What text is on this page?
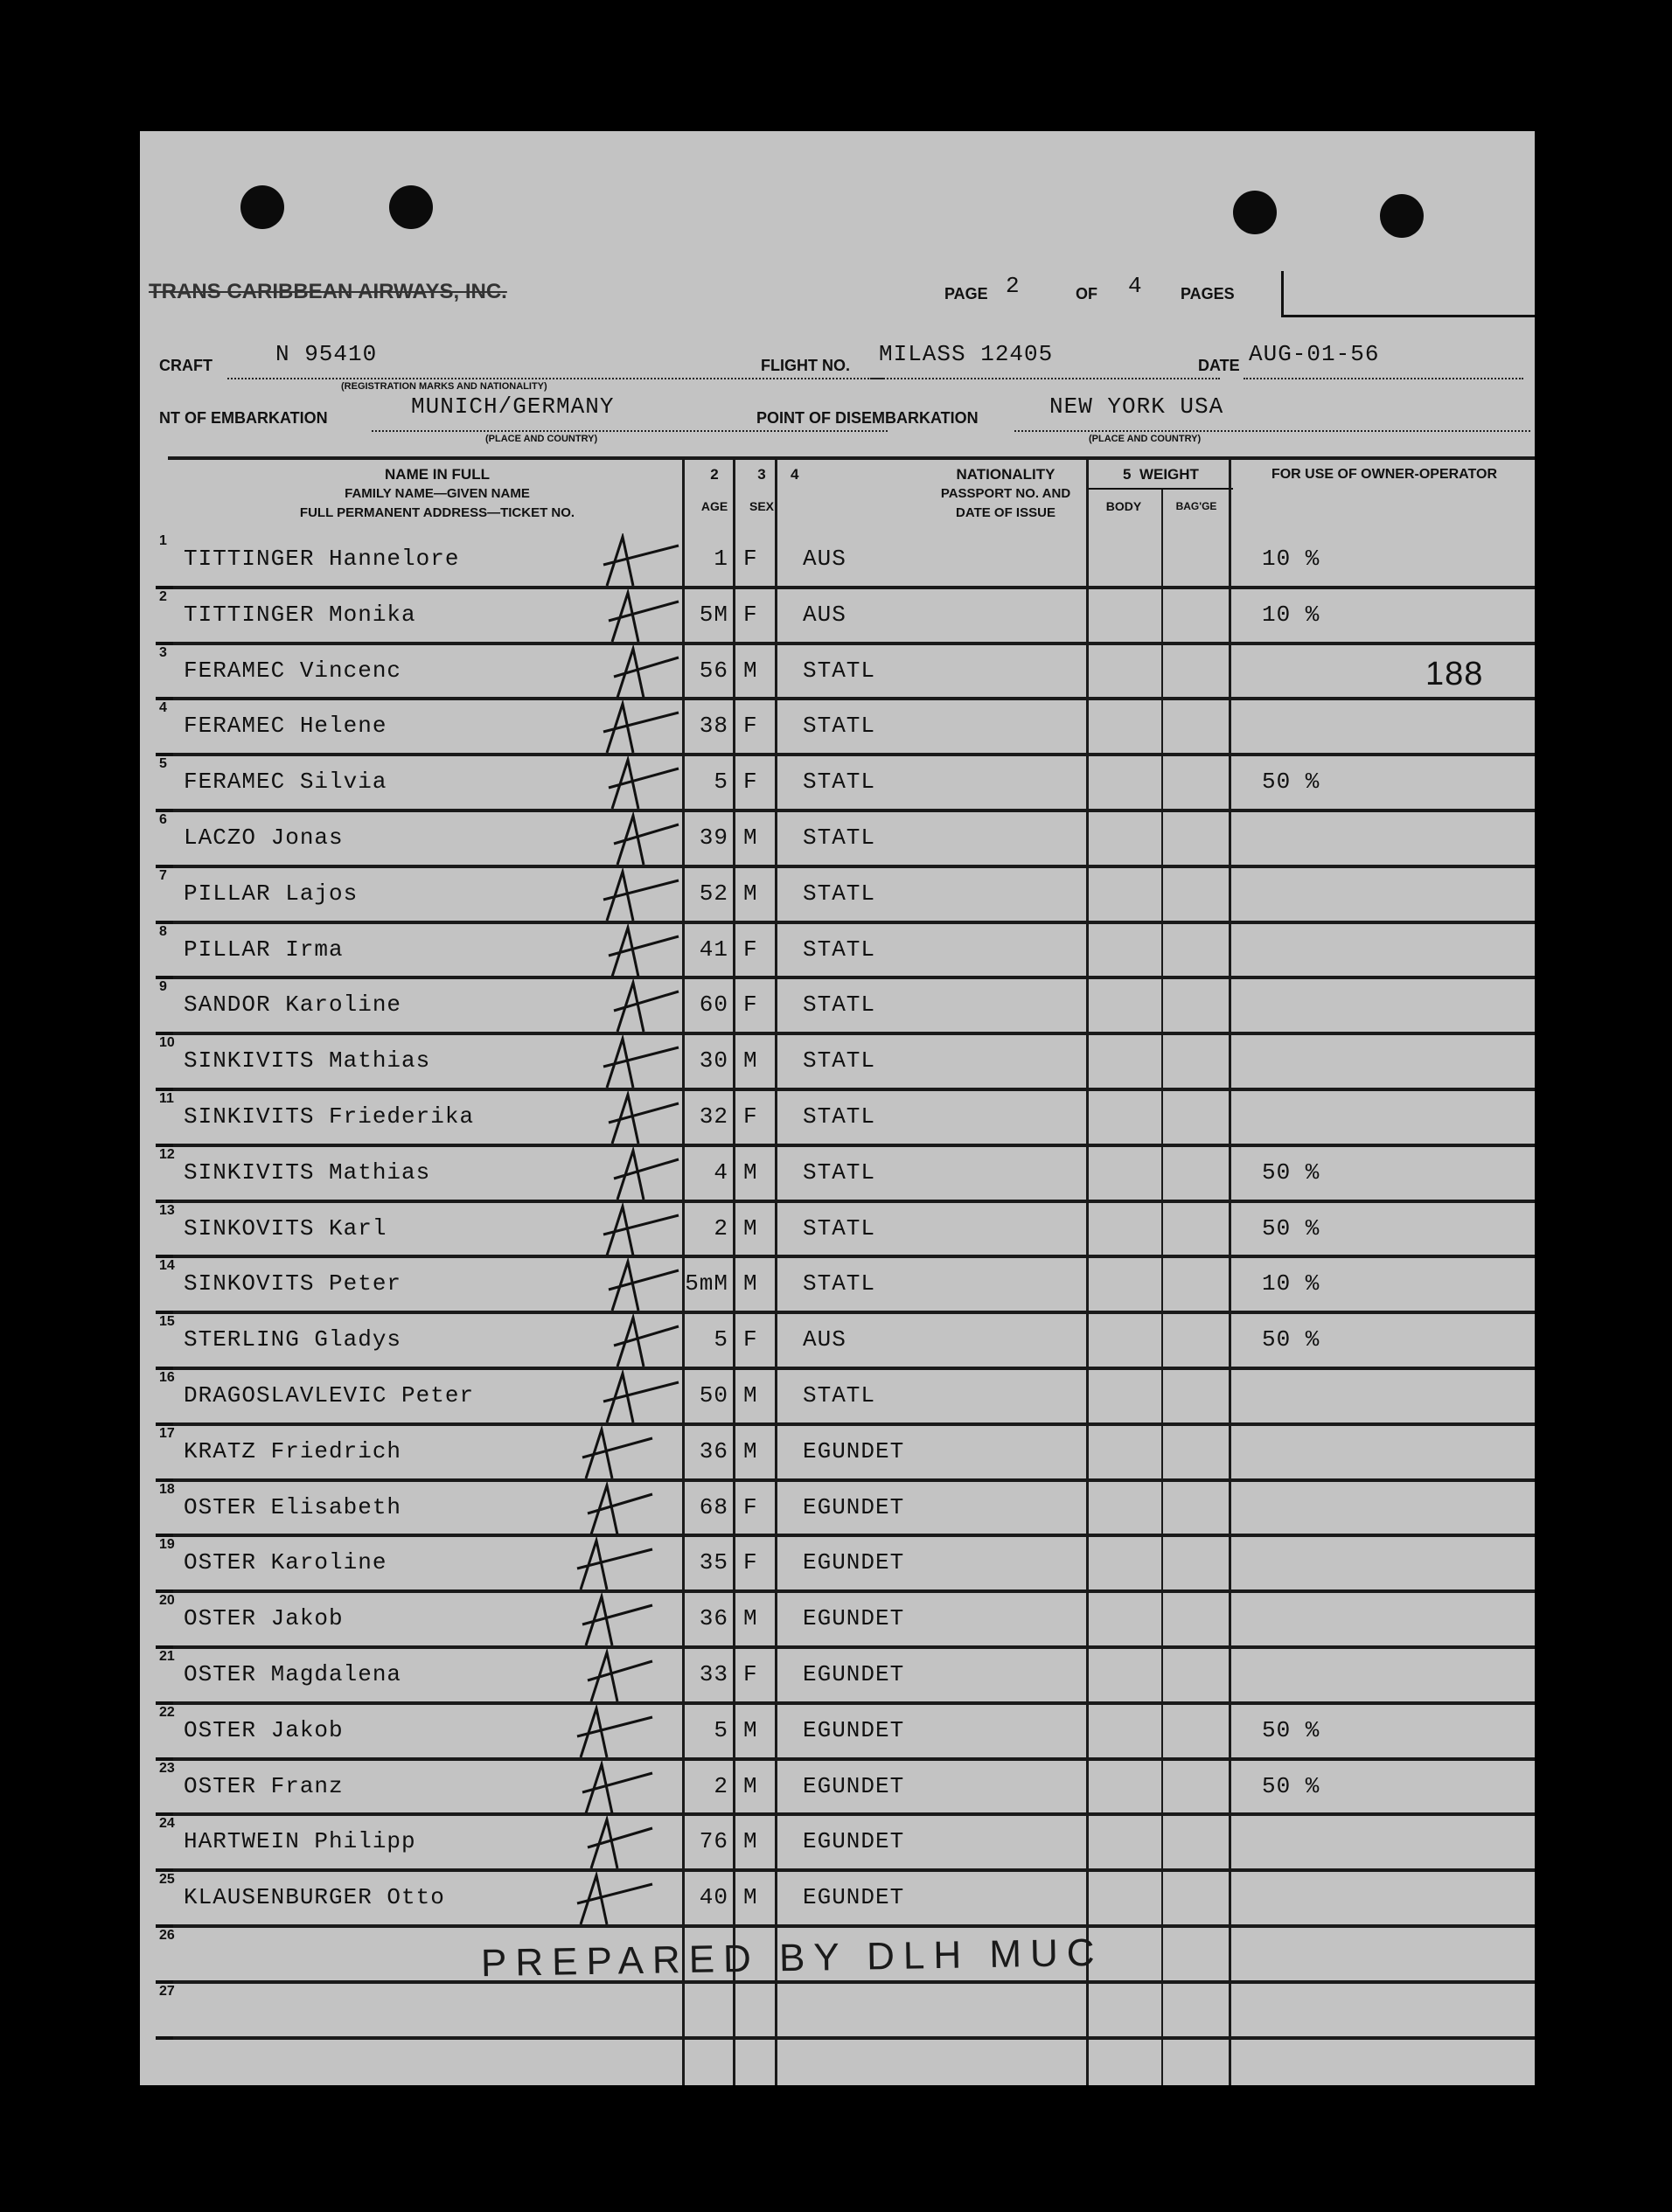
TRANS CARIBBEAN AIRWAYS, INC.	PAGE 2	OF 4 PAGES
CRAFT	N 95410
(REGISTRATION MARKS AND NATIONALITY)
FLIGHT NO. MILASS 12405	DATE AUG-01-56
NT OF EMBARKATION	MUNICH/GERMANY
(PLACE AND COUNTRY)
POINT OF DISEMBARKATION	NEW YORK USA
(PLACE AND COUNTRY)
NAME IN FULL
FAMILY NAME—GIVEN NAME
FULL PERMANENT ADDRESS—TICKET NO.
2
AGE
3
SEX
4	NATIONALITY
PASSPORT NO. AND
DATE OF ISSUE
5 WEIGHT
BODY	BAG'GE
FOR USE OF OWNER-OPERATOR
1
TITTINGER Hannelore	1 F AUS	10 %
2
TITTINGER Monika	5M F AUS	10 %
3
FERAMEC Vincenc	56 M STATL
4
FERAMEC Helene	38 F STATL
5
FERAMEC Silvia	5 F STATL	50 %
6
LACZO Jonas	39 M STATL
7
PILLAR Lajos	52 M STATL
8
PILLAR Irma	41 F STATL
9
SANDOR Karoline	60 F STATL
10
SINKIVITS Mathias	30 M STATL
11
SINKIVITS Friederika	32 F STATL
12
SINKIVITS Mathias	4 M STATL	50 %
13
SINKOVITS Karl	2 M STATL	50 %
14
SINKOVITS Peter	5mM M STATL	10 %
15
STERLING Gladys	5 F AUS	50 %
16
DRAGOSLAVLEVIC Peter	50 M STATL
17
KRATZ Friedrich	36 M EGUNDET
18
OSTER Elisabeth	68 F EGUNDET
19
OSTER Karoline	35 F EGUNDET
20
OSTER Jakob	36 M EGUNDET
21
OSTER Magdalena	33 F EGUNDET
22
OSTER Jakob	5 M EGUNDET	50 %
23
OSTER Franz	2 M EGUNDET	50 %
24
HARTWEIN Philipp	76 M EGUNDET
25
KLAUSENBURGER Otto	40 M EGUNDET
26
27
188
PREPARED BY DLH MUC
